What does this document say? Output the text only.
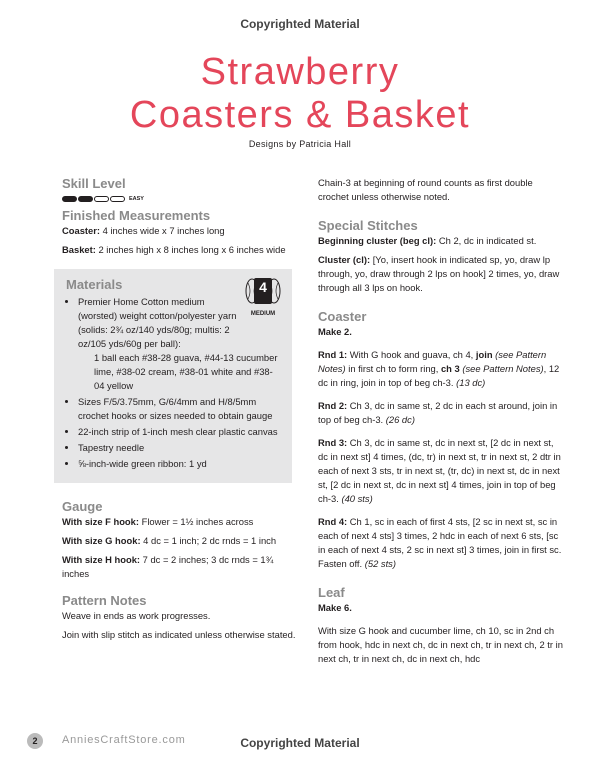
Copyrighted Material
Strawberry
Coasters & Basket
Designs by Patricia Hall
Skill Level
EASY
Finished Measurements

Coaster: 4 inches wide x 7 inches long

Basket: 2 inches high x 8 inches long x 6 inches wide

Materials	4
MEDIUM
• Premier Home Cotton medium (worsted) weight cotton/polyester yarn (solids: 2¾ oz/140 yds/80g; multis: 2 oz/105 yds/60g per ball):
1 ball each #38-28 guava, #44-13 cucumber lime, #38-02 cream, #38-01 white and #38-04 yellow
• Sizes F/5/3.75mm, G/6/4mm and H/8/5mm crochet hooks or sizes needed to obtain gauge
• 22-inch strip of 1-inch mesh clear plastic canvas
• Tapestry needle
• ⅝-inch-wide green ribbon: 1 yd
Gauge

With size F hook: Flower = 1½ inches across

With size G hook: 4 dc = 1 inch; 2 dc rnds = 1 inch

With size H hook: 7 dc = 2 inches; 3 dc rnds = 1¾ inches

Pattern Notes

Weave in ends as work progresses.

Join with slip stitch as indicated unless otherwise stated.

Chain-3 at beginning of round counts as first double crochet unless otherwise noted.

Special Stitches

Beginning cluster (beg cl): Ch 2, dc in indicated st.

Cluster (cl): [Yo, insert hook in indicated sp, yo, draw lp through, yo, draw through 2 lps on hook] 2 times, yo, draw through all 3 lps on hook.

Coaster

Make 2.

Rnd 1: With G hook and guava, ch 4, join (see Pattern Notes) in first ch to form ring, ch 3 (see Pattern Notes), 12 dc in ring, join in top of beg ch-3. (13 dc)

Rnd 2: Ch 3, dc in same st, 2 dc in each st around, join in top of beg ch-3. (26 dc)

Rnd 3: Ch 3, dc in same st, dc in next st, [2 dc in next st, dc in next st] 4 times, (dc, tr) in next st, tr in next st, 2 dtr in each of next 3 sts, tr in next st, (tr, dc) in next st, dc in next st, [2 dc in next st, dc in next st] 4 times, join in top of beg ch-3. (40 sts)

Rnd 4: Ch 1, sc in each of first 4 sts, [2 sc in next st, sc in each of next 4 sts] 3 times, 2 hdc in each of next 6 sts, [sc in each of next 4 sts, 2 sc in next st] 3 times, join in first sc. Fasten off. (52 sts)

Leaf

Make 6.

With size G hook and cucumber lime, ch 10, sc in 2nd ch from hook, hdc in next ch, dc in next ch, tr in next ch, 2 tr in next ch, tr in next ch, dc in next ch, hdc

2	AnniesCraftStore.com	Copyrighted Material
